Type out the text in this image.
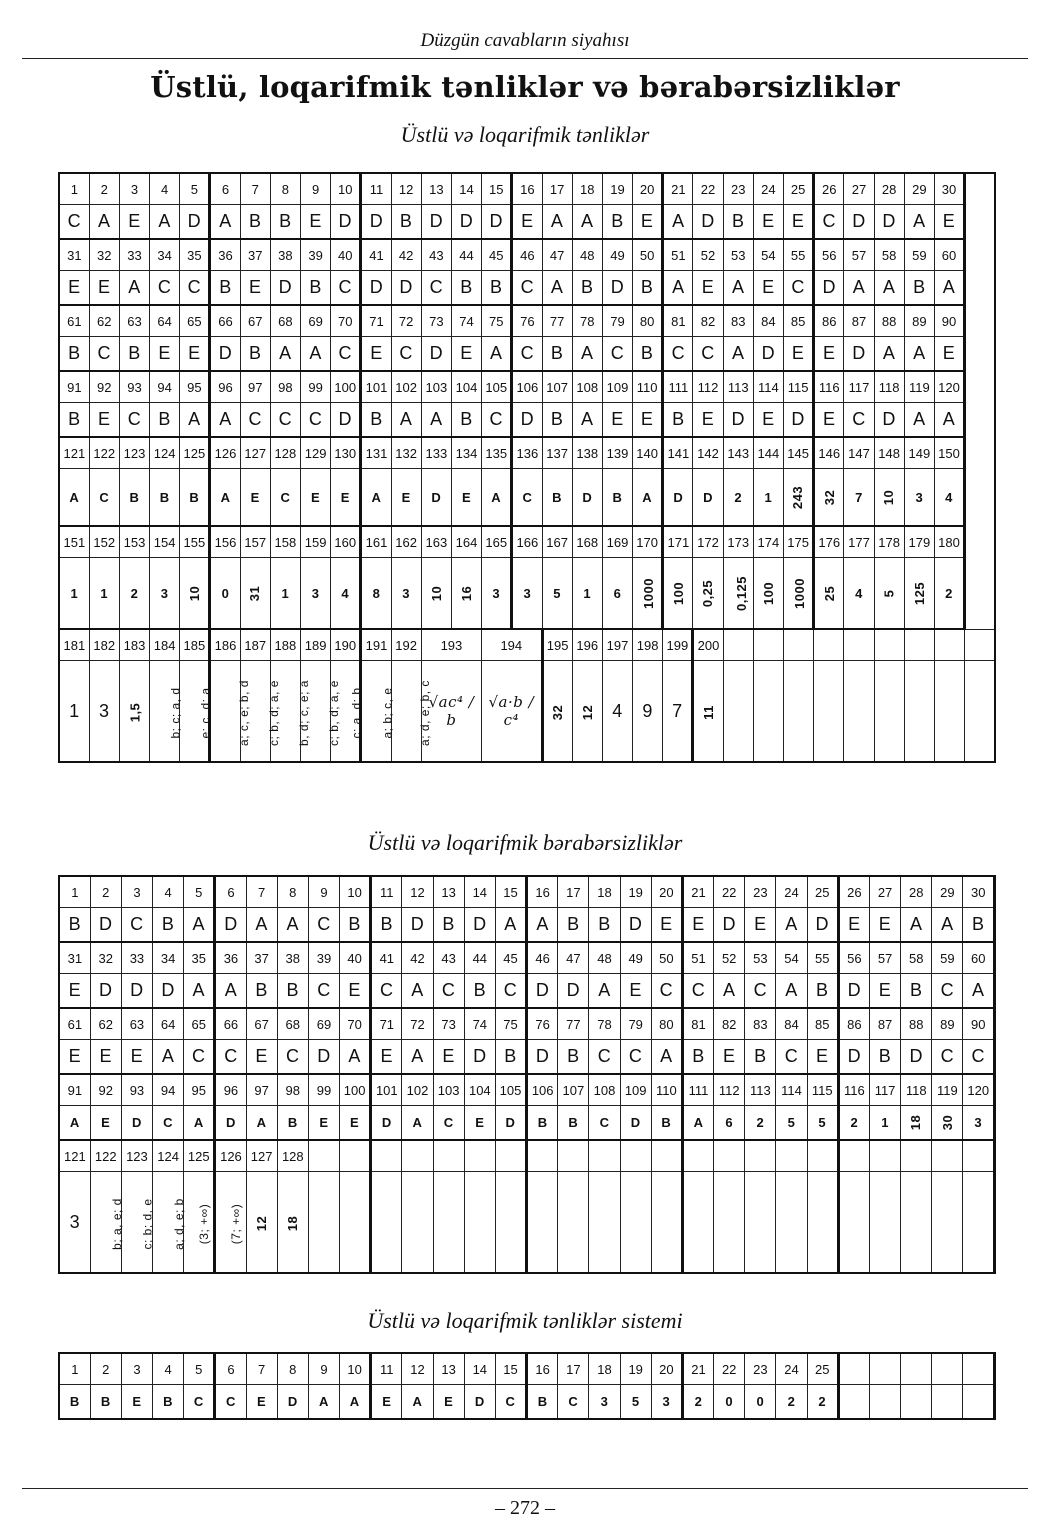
Düzgün cavabların siyahısı
Üstlü, loqarifmik tənliklər və bərabərsizliklər
Üstlü və loqarifmik tənliklər
1	2	3	4	5	6	7	8	9	10	11	12	13	14	15	16	17	18	19	20	21	22	23	24	25	26	27	28	29	30	
C	A	E	A	D	A	B	B	E	D	D	B	D	D	D	E	A	A	B	E	A	D	B	E	E	C	D	D	A	E	
31	32	33	34	35	36	37	38	39	40	41	42	43	44	45	46	47	48	49	50	51	52	53	54	55	56	57	58	59	60	
E	E	A	C	C	B	E	D	B	C	D	D	C	B	B	C	A	B	D	B	A	E	A	E	C	D	A	A	B	A	
61	62	63	64	65	66	67	68	69	70	71	72	73	74	75	76	77	78	79	80	81	82	83	84	85	86	87	88	89	90	
B	C	B	E	E	D	B	A	A	C	E	C	D	E	A	C	B	A	C	B	C	C	A	D	E	E	D	A	A	E	
91	92	93	94	95	96	97	98	99	100	101	102	103	104	105	106	107	108	109	110	111	112	113	114	115	116	117	118	119	120	
B	E	C	B	A	A	C	C	C	D	B	A	A	B	C	D	B	A	E	E	B	E	D	E	D	E	C	D	A	A	
121	122	123	124	125	126	127	128	129	130	131	132	133	134	135	136	137	138	139	140	141	142	143	144	145	146	147	148	149	150	
A	C	B	B	B	A	E	C	E	E	A	E	D	E	A	C	B	D	B	A	D	D	2	1	243	32	7	10	3	4	
151	152	153	154	155	156	157	158	159	160	161	162	163	164	165	166	167	168	169	170	171	172	173	174	175	176	177	178	179	180	
1	1	2	3	10	0	31	1	3	4	8	3	10	16	3	3	5	1	6	1000	100	0,25	0,125	100	1000	25	4	5	125	2	
181	182	183	184	185	186	187	188	189	190	191	192	193		194		195	196	197	198	199	200									
1	3	1,5	b; c; a, d	e; c, d; a	a; c, e; b, d	c; b, d; a, e	b, d; c, e; a	c; b, d; a, e	c; a, d; b	a; b; c, e	a; d, e; b, c	√ac⁴ / b		√a·b / c⁴		32	12	4	9	7	11									
Üstlü və loqarifmik bərabərsizliklər
1	2	3	4	5	6	7	8	9	10	11	12	13	14	15	16	17	18	19	20	21	22	23	24	25	26	27	28	29	30
B	D	C	B	A	D	A	A	C	B	B	D	B	D	A	A	B	B	D	E	E	D	E	A	D	E	E	A	A	B
31	32	33	34	35	36	37	38	39	40	41	42	43	44	45	46	47	48	49	50	51	52	53	54	55	56	57	58	59	60
E	D	D	D	A	A	B	B	C	E	C	A	C	B	C	D	D	A	E	C	C	A	C	A	B	D	E	B	C	A
61	62	63	64	65	66	67	68	69	70	71	72	73	74	75	76	77	78	79	80	81	82	83	84	85	86	87	88	89	90
E	E	E	A	C	C	E	C	D	A	E	A	E	D	B	D	B	C	C	A	B	E	B	C	E	D	B	D	C	C
91	92	93	94	95	96	97	98	99	100	101	102	103	104	105	106	107	108	109	110	111	112	113	114	115	116	117	118	119	120
A	E	D	C	A	D	A	B	E	E	D	A	C	E	D	B	B	C	D	B	A	6	2	5	5	2	1	18	30	3
121	122	123	124	125	126	127	128																						
3	b; a, e; d	c; b; d, e	a; d, e; b	(3; +∞)	(7; +∞)	12	18																						
Üstlü və loqarifmik tənliklər sistemi
1	2	3	4	5	6	7	8	9	10	11	12	13	14	15	16	17	18	19	20	21	22	23	24	25					
B	B	E	B	C	C	E	D	A	A	E	A	E	D	C	B	C	3	5	3	2	0	0	2	2					
– 272 –
